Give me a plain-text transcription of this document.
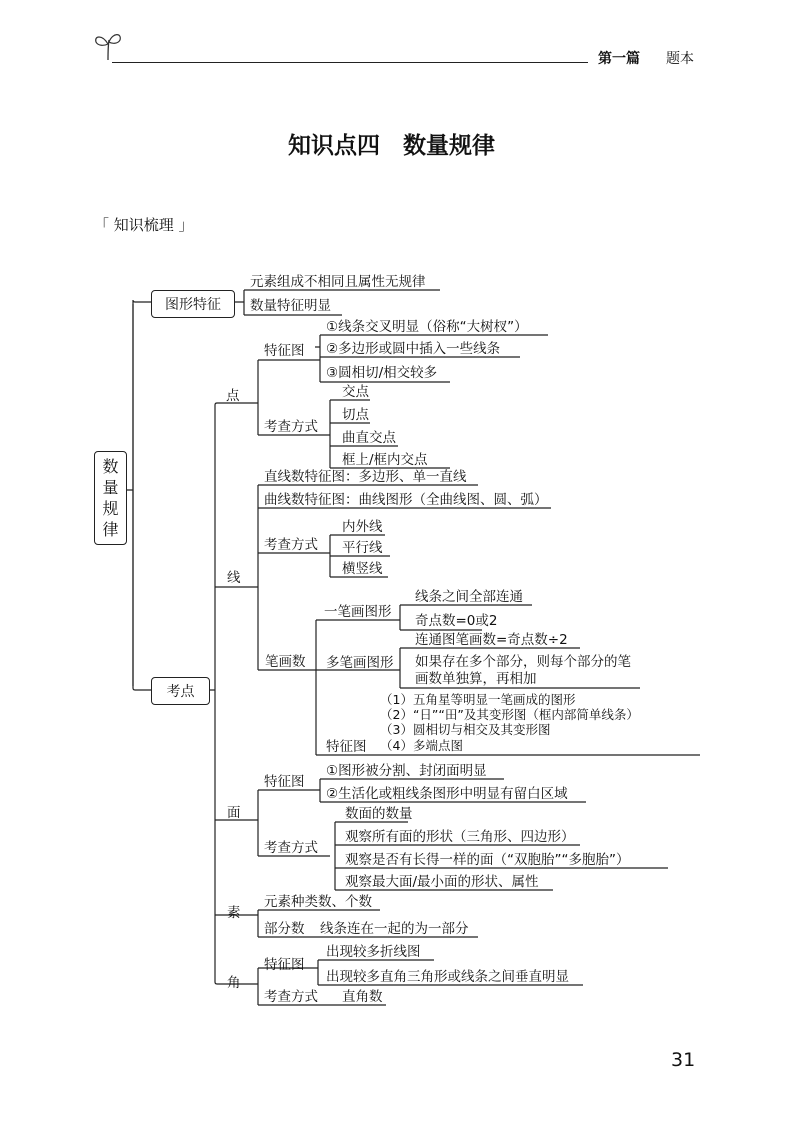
第一篇 题本
知识点四　数量规律
「 知识梳理 」
数量规律
图形特征
考点
元素组成不相同且属性无规律
数量特征明显
点
特征图
①线条交叉明显（俗称“大树杈”）
②多边形或圆中插入一些线条
③圆相切/相交较多
考查方式
交点
切点
曲直交点
框上/框内交点
线
直线数特征图：多边形、单一直线
曲线数特征图：曲线图形（全曲线图、圆、弧）
考查方式
内外线
平行线
横竖线
笔画数
一笔画图形
线条之间全部连通
奇点数=0或2
多笔画图形
连通图笔画数=奇点数÷2
如果存在多个部分，则每个部分的笔
画数单独算，再相加
（1）五角星等明显一笔画成的图形
（2）“日”“田”及其变形图（框内部简单线条）
（3）圆相切与相交及其变形图
（4）多端点图
特征图
面
特征图
①图形被分割、封闭面明显
②生活化或粗线条图形中明显有留白区域
考查方式
数面的数量
观察所有面的形状（三角形、四边形）
观察是否有长得一样的面（“双胞胎”“多胞胎”）
观察最大面/最小面的形状、属性
素
元素种类数、个数
部分数 线条连在一起的为一部分
角
特征图
出现较多折线图
出现较多直角三角形或线条之间垂直明显
考查方式 直角数
31
